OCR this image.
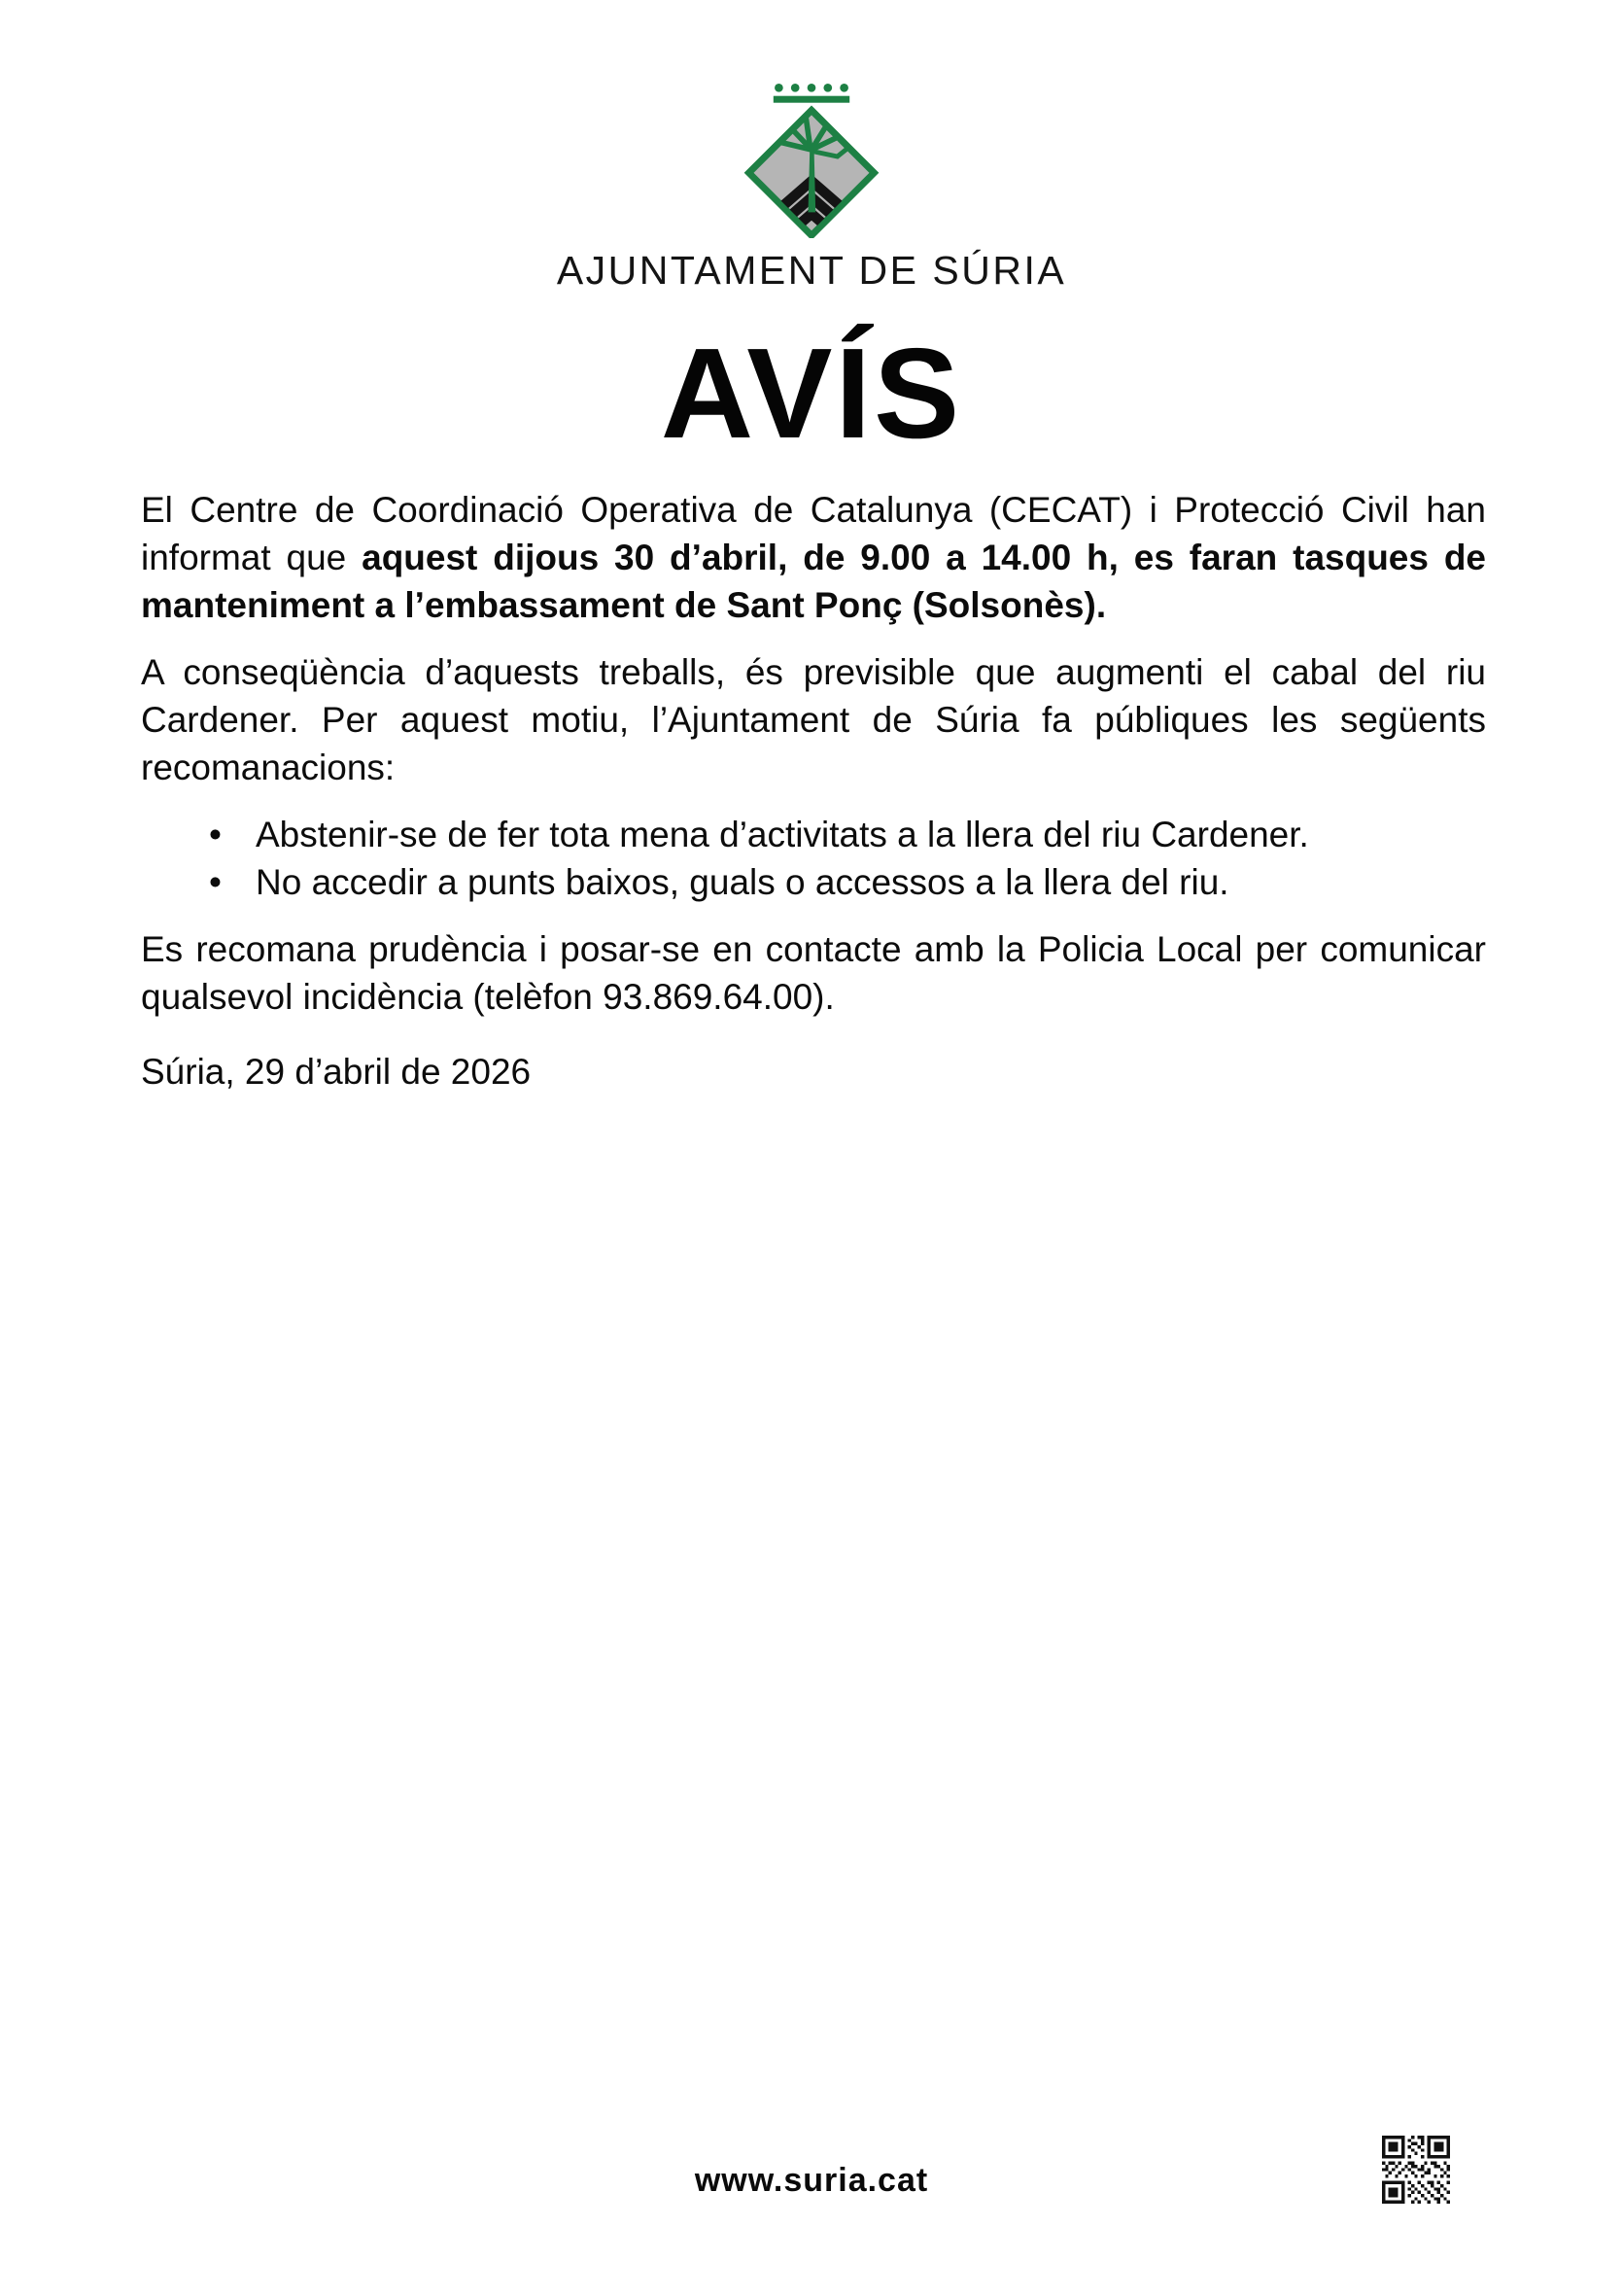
AJUNTAMENT DE SÚRIA
AVÍS

El Centre de Coordinació Operativa de Catalunya (CECAT) i Protecció Civil han informat que aquest dijous 30 d’abril, de 9.00 a 14.00 h, es faran tasques de manteniment a l’embassament de Sant Ponç (Solsonès).

A conseqüència d’aquests treballs, és previsible que augmenti el cabal del riu Cardener. Per aquest motiu, l’Ajuntament de Súria fa públiques les següents recomanacions:

• Abstenir-se de fer tota mena d’activitats a la llera del riu Cardener.
• No accedir a punts baixos, guals o accessos a la llera del riu.

Es recomana prudència i posar-se en contacte amb la Policia Local per comunicar qualsevol incidència (telèfon 93.869.64.00).

Súria, 29 d’abril de 2026

www.suria.cat
